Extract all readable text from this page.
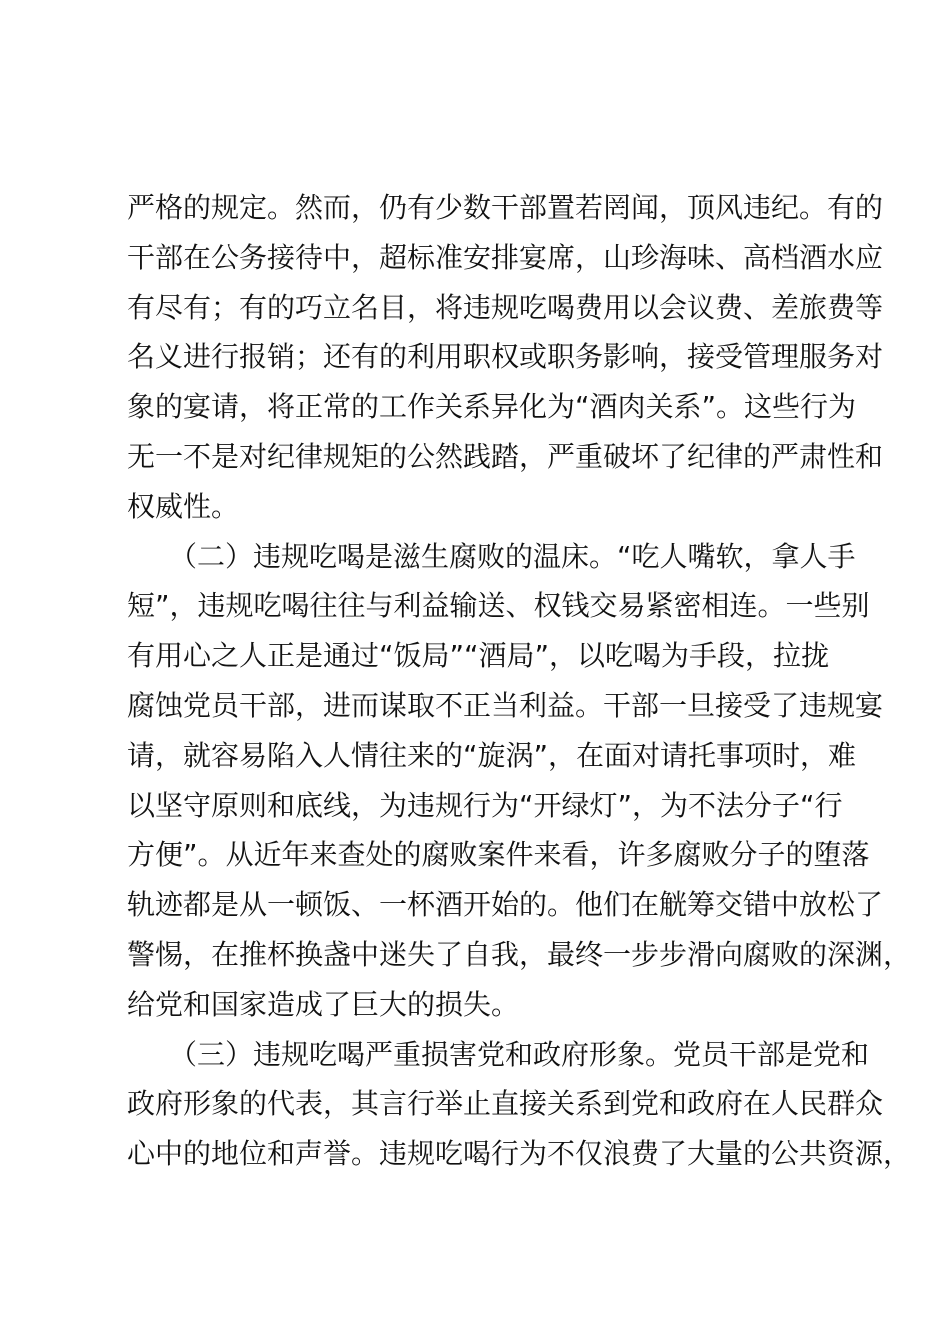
严格的规定。然而，仍有少数干部置若罔闻，顶风违纪。有的
干部在公务接待中，超标准安排宴席，山珍海味、高档酒水应
有尽有；有的巧立名目，将违规吃喝费用以会议费、差旅费等
名义进行报销；还有的利用职权或职务影响，接受管理服务对
象的宴请，将正常的工作关系异化为“酒肉关系”。这些行为
无一不是对纪律规矩的公然践踏，严重破坏了纪律的严肃性和
权威性。
　　（二）违规吃喝是滋生腐败的温床。“吃人嘴软，拿人手
短”，违规吃喝往往与利益输送、权钱交易紧密相连。一些别
有用心之人正是通过“饭局”“酒局”，以吃喝为手段，拉拢
腐蚀党员干部，进而谋取不正当利益。干部一旦接受了违规宴
请，就容易陷入人情往来的“旋涡”，在面对请托事项时，难
以坚守原则和底线，为违规行为“开绿灯”，为不法分子“行
方便”。从近年来查处的腐败案件来看，许多腐败分子的堕落
轨迹都是从一顿饭、一杯酒开始的。他们在觥筹交错中放松了
警惕，在推杯换盏中迷失了自我，最终一步步滑向腐败的深渊，
给党和国家造成了巨大的损失。
　　（三）违规吃喝严重损害党和政府形象。党员干部是党和
政府形象的代表，其言行举止直接关系到党和政府在人民群众
心中的地位和声誉。违规吃喝行为不仅浪费了大量的公共资源，
